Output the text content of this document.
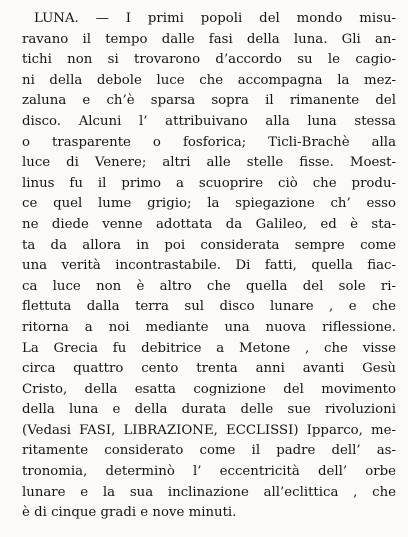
LUNA. — I primi popoli del mondo misu-
ravano il tempo dalle fasi della luna. Gli an-
tichi non si trovarono d’accordo su le cagio-
ni della debole luce che accompagna la mez-
zaluna e ch’è sparsa sopra il rimanente del
disco. Alcuni l’ attribuivano alla luna stessa
o trasparente o fosforica; Ticli-Brachè alla
luce di Venere; altri alle stelle fisse. Moest-
linus fu il primo a scuoprire ciò che produ-
ce quel lume grigio; la spiegazione ch’ esso
ne diede venne adottata da Galileo, ed è sta-
ta da allora in poi considerata sempre come
una verità incontrastabile. Di fatti, quella fiac-
ca luce non è altro che quella del sole ri-
flettuta dalla terra sul disco lunare , e che
ritorna a noi mediante una nuova riflessione.
La Grecia fu debitrice a Metone , che visse
circa quattro cento trenta anni avanti Gesù
Cristo, della esatta cognizione del movimento
della luna e della durata delle sue rivoluzioni
(Vedasi FASI, LIBRAZIONE, ECCLISSI) Ipparco, me-
ritamente considerato come il padre dell’ as-
tronomia, determinò l’ eccentricità dell’ orbe
lunare e la sua inclinazione all’eclittica , che
è di cinque gradi e nove minuti.
